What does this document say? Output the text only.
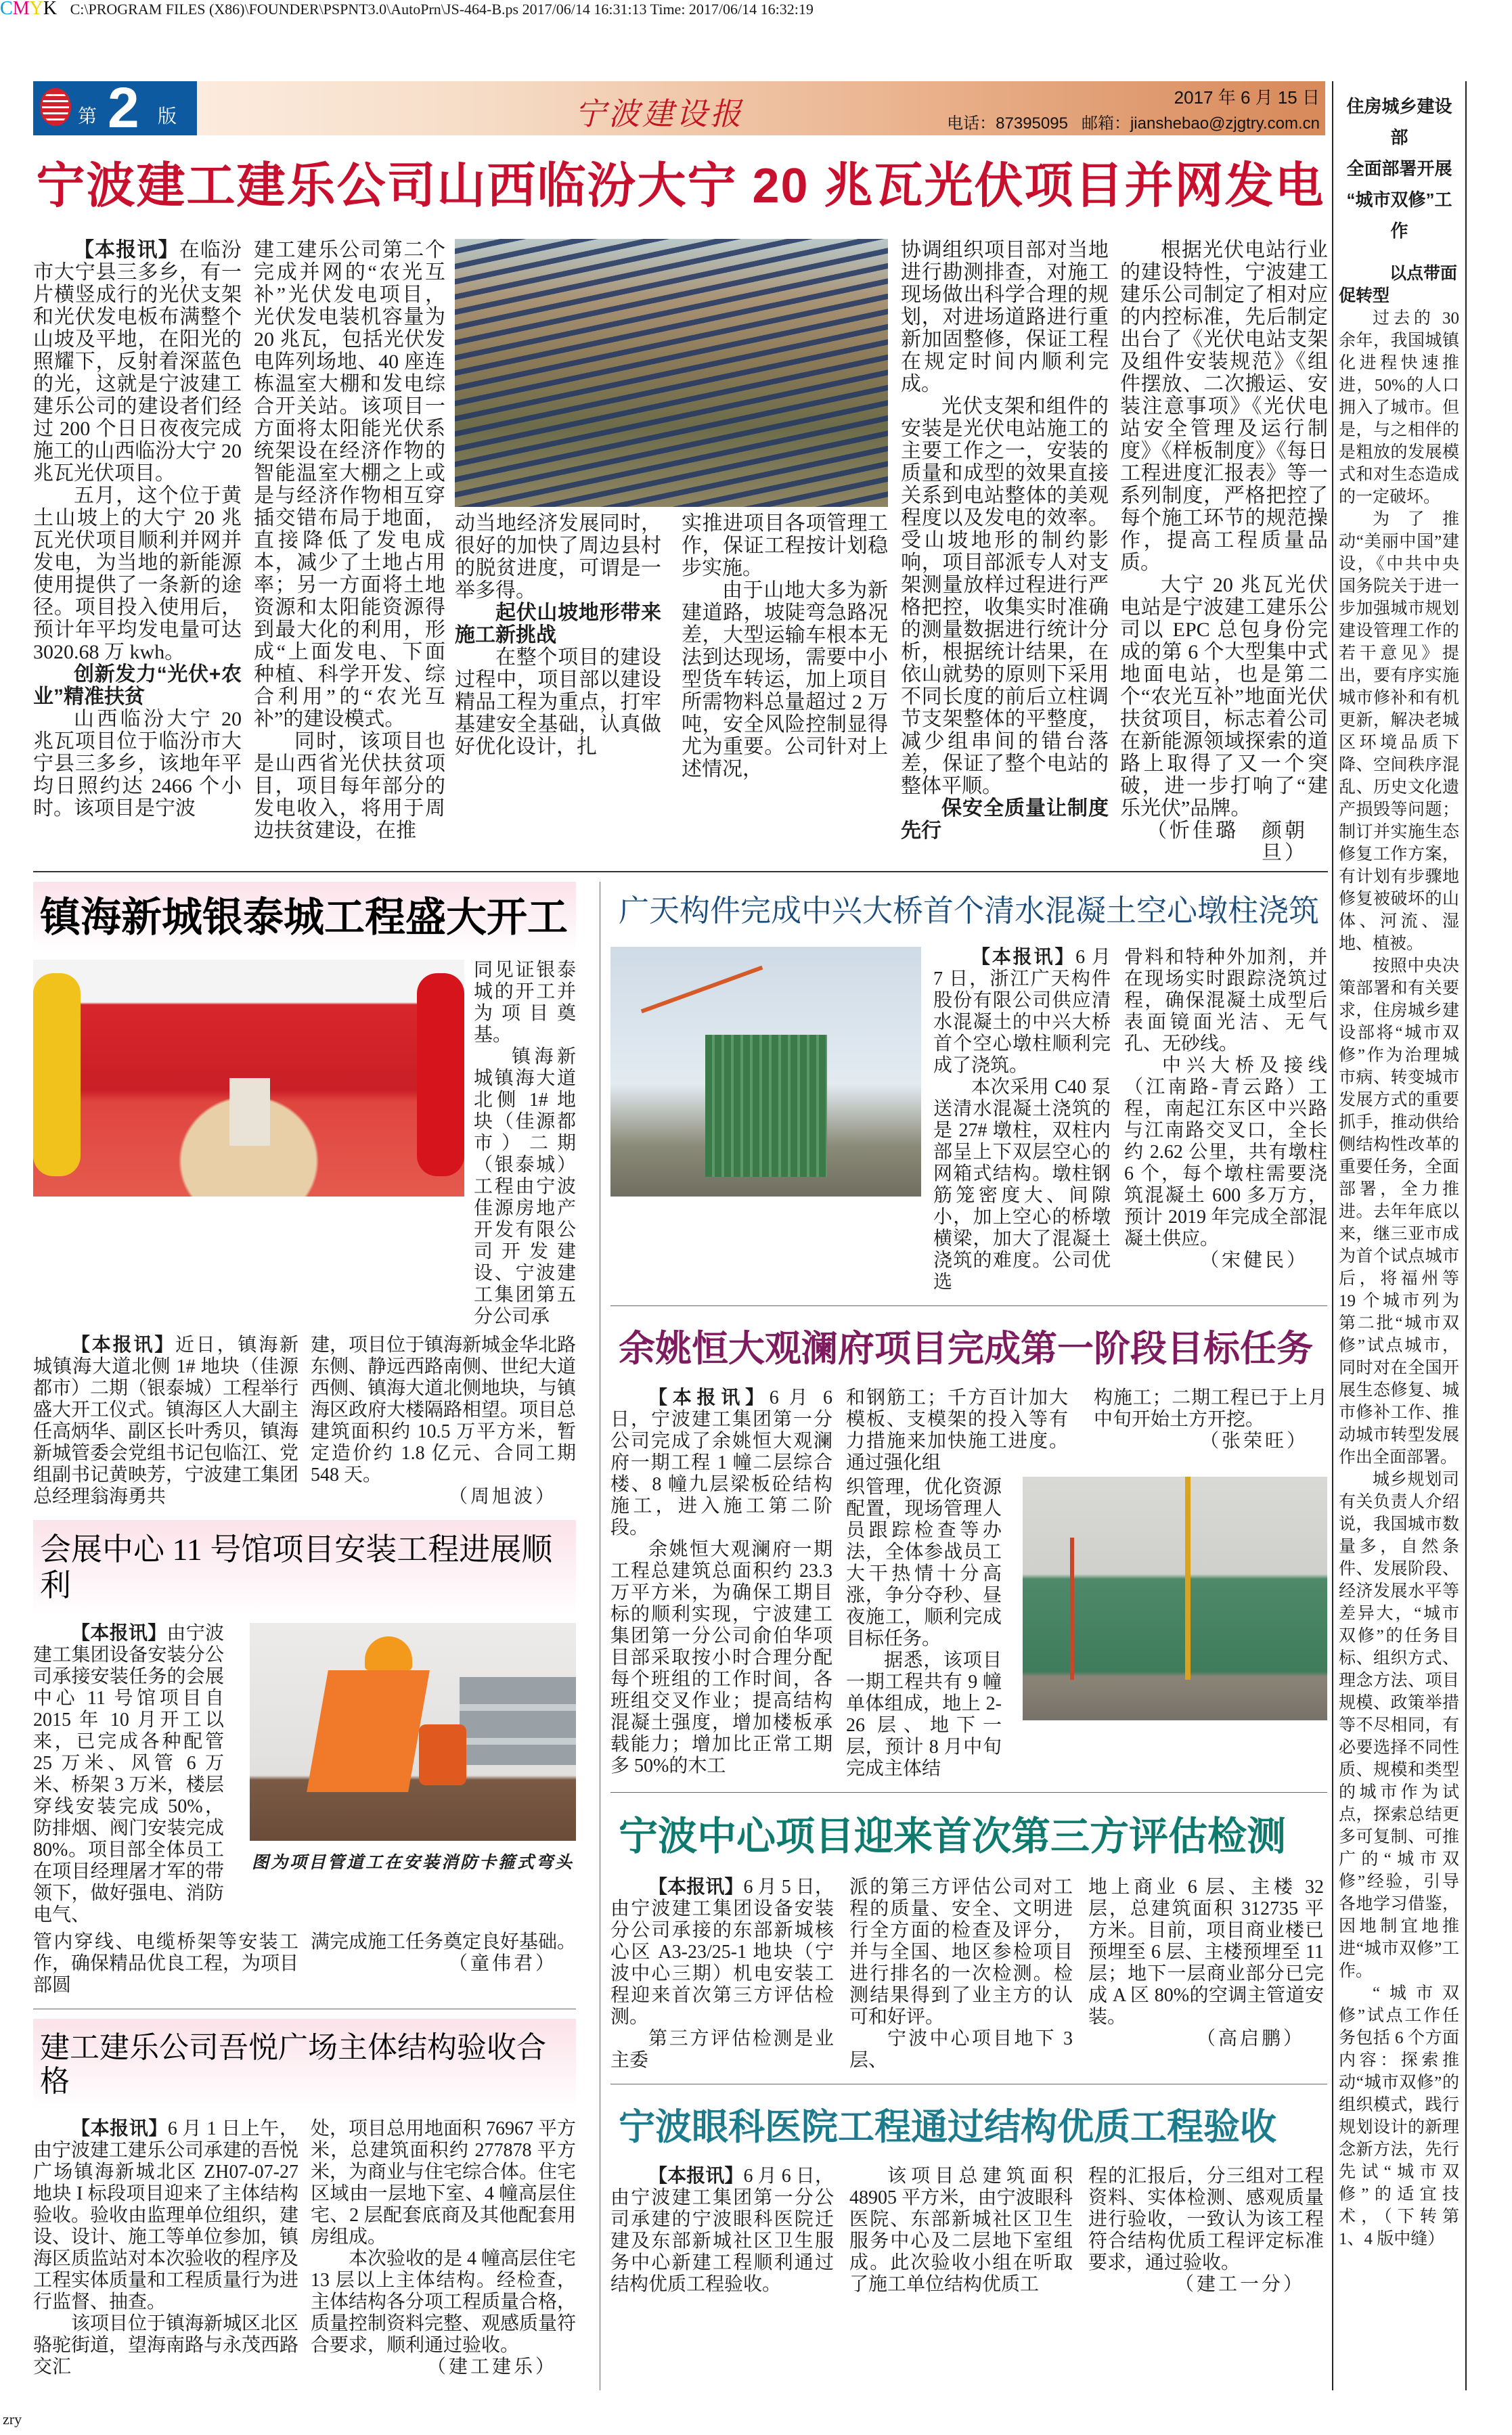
CMYK C:\PROGRAM FILES (X86)\FOUNDER\PSPNT3.0\AutoPrn\JS-464-B.ps 2017/06/14 16:31:13 Time: 2017/06/14 16:32:19
第 2 版	宁波建设报	2017 年 6 月 15 日
电话：87395095 邮箱：jianshebao@zjgtry.com.cn
宁波建工建乐公司山西临汾大宁 20 兆瓦光伏项目并网发电

【本报讯】在临汾市大宁县三多乡，有一片横竖成行的光伏支架和光伏发电板布满整个山坡及平地，在阳光的照耀下，反射着深蓝色的光，这就是宁波建工建乐公司的建设者们经过 200 个日日夜夜完成施工的山西临汾大宁 20 兆瓦光伏项目。

五月，这个位于黄土山坡上的大宁 20 兆瓦光伏项目顺利并网并发电，为当地的新能源使用提供了一条新的途径。项目投入使用后，预计年平均发电量可达 3020.68 万 kwh。

创新发力“光伏+农业”精准扶贫

山西临汾大宁 20 兆瓦项目位于临汾市大宁县三多乡，该地年平均日照约达 2466 个小时。该项目是宁波

建工建乐公司第二个完成并网的“农光互补”光伏发电项目，光伏发电装机容量为 20 兆瓦，包括光伏发电阵列场地、40 座连栋温室大棚和发电综合开关站。该项目一方面将太阳能光伏系统架设在经济作物的智能温室大棚之上或是与经济作物相互穿插交错布局于地面，直接降低了发电成本，减少了土地占用率；另一方面将土地资源和太阳能资源得到最大化的利用，形成“上面发电、下面种植、科学开发、综合利用”的“农光互补”的建设模式。

同时，该项目也是山西省光伏扶贫项目，项目每年部分的发电收入，将用于周边扶贫建设，在推

动当地经济发展同时，很好的加快了周边县村的脱贫进度，可谓是一举多得。

起伏山坡地形带来施工新挑战

在整个项目的建设过程中，项目部以建设精品工程为重点，打牢基建安全基础，认真做好优化设计，扎

实推进项目各项管理工作，保证工程按计划稳步实施。

由于山地大多为新建道路，坡陡弯急路况差，大型运输车根本无法到达现场，需要中小型货车转运，加上项目所需物料总量超过 2 万吨，安全风险控制显得尤为重要。公司针对上述情况，

协调组织项目部对当地进行勘测排查，对施工现场做出科学合理的规划，对进场道路进行重新加固整修，保证工程在规定时间内顺利完成。

光伏支架和组件的安装是光伏电站施工的主要工作之一，安装的质量和成型的效果直接关系到电站整体的美观程度以及发电的效率。受山坡地形的制约影响，项目部派专人对支架测量放样过程进行严格把控，收集实时准确的测量数据进行统计分析，根据统计结果，在依山就势的原则下采用不同长度的前后立柱调节支架整体的平整度，减少组串间的错台落差，保证了整个电站的整体平顺。

保安全质量让制度先行

根据光伏电站行业的建设特性，宁波建工建乐公司制定了相对应的内控标准，先后制定出台了《光伏电站支架及组件安装规范》《组件摆放、二次搬运、安装注意事项》《光伏电站安全管理及运行制度》《样板制度》《每日工程进度汇报表》等一系列制度，严格把控了每个施工环节的规范操作，提高工程质量品质。

大宁 20 兆瓦光伏电站是宁波建工建乐公司以 EPC 总包身份完成的第 6 个大型集中式地面电站，也是第二个“农光互补”地面光伏扶贫项目，标志着公司在新能源领域探索的道路上取得了又一个突破，进一步打响了“建乐光伏”品牌。

（忻佳璐　颜朝旦）

镇海新城银泰城工程盛大开工

同见证银泰城的开工并为项目奠基。

镇海新城镇海大道北侧 1# 地块（佳源都市）二期（银泰城）工程由宁波佳源房地产开发有限公司开发建设、宁波建工集团第五分公司承

【本报讯】近日，镇海新城镇海大道北侧 1# 地块（佳源都市）二期（银泰城）工程举行盛大开工仪式。镇海区人大副主任高炳华、副区长叶秀贝，镇海新城管委会党组书记包临江、党组副书记黄映芳，宁波建工集团总经理翁海勇共

建，项目位于镇海新城金华北路东侧、静远西路南侧、世纪大道西侧、镇海大道北侧地块，与镇海区政府大楼隔路相望。项目总建筑面积约 10.5 万平方米，暂定造价约 1.8 亿元、合同工期 548 天。

（周旭波）

会展中心 11 号馆项目安装工程进展顺利

【本报讯】由宁波建工集团设备安装分公司承接安装任务的会展中心 11 号馆项目自 2015 年 10 月开工以来，已完成各种配管 25 万米、风管 6 万米、桥架 3 万米，楼层穿线安装完成 50%，防排烟、阀门安装完成 80%。项目部全体员工在项目经理屠才军的带领下，做好强电、消防电气、

图为项目管道工在安装消防卡箍式弯头

管内穿线、电缆桥架等安装工作，确保精品优良工程，为项目部圆

满完成施工任务奠定良好基础。

（童伟君）

建工建乐公司吾悦广场主体结构验收合格

【本报讯】6 月 1 日上午，由宁波建工建乐公司承建的吾悦广场镇海新城北区 ZH07-07-27 地块 I 标段项目迎来了主体结构验收。验收由监理单位组织，建设、设计、施工等单位参加，镇海区质监站对本次验收的程序及工程实体质量和工程质量行为进行监督、抽查。

该项目位于镇海新城区北区骆驼街道，望海南路与永茂西路交汇

处，项目总用地面积 76967 平方米，总建筑面积约 277878 平方米，为商业与住宅综合体。住宅区域由一层地下室、4 幢高层住宅、2 层配套底商及其他配套用房组成。

本次验收的是 4 幢高层住宅 13 层以上主体结构。经检查，主体结构各分项工程质量合格，质量控制资料完整、观感质量符合要求，顺利通过验收。

（建工建乐）

广天构件完成中兴大桥首个清水混凝土空心墩柱浇筑

【本报讯】6 月 7 日，浙江广天构件股份有限公司供应清水混凝土的中兴大桥首个空心墩柱顺利完成了浇筑。

本次采用 C40 泵送清水混凝土浇筑的是 27# 墩柱，双柱内部呈上下双层空心的网箱式结构。墩柱钢筋笼密度大、间隙小，加上空心的桥墩横梁，加大了混凝土浇筑的难度。公司优选

骨料和特种外加剂，并在现场实时跟踪浇筑过程，确保混凝土成型后表面镜面光洁、无气孔、无砂线。

中兴大桥及接线（江南路-青云路）工程，南起江东区中兴路与江南路交叉口，全长约 2.62 公里，共有墩柱 6 个，每个墩柱需要浇筑混凝土 600 多万方，预计 2019 年完成全部混凝土供应。

（宋健民）

余姚恒大观澜府项目完成第一阶段目标任务

【本报讯】6 月 6 日，宁波建工集团第一分公司完成了余姚恒大观澜府一期工程 1 幢二层综合楼、8 幢九层梁板砼结构施工，进入施工第二阶段。

余姚恒大观澜府一期工程总建筑总面积约 23.3 万平方米，为确保工期目标的顺利实现，宁波建工集团第一分公司俞伯华项目部采取按小时合理分配每个班组的工作时间，各班组交叉作业；提高结构混凝土强度，增加楼板承载能力；增加比正常工期多 50%的木工

和钢筋工；千方百计加大模板、支模架的投入等有力措施来加快施工进度。通过强化组

构施工；二期工程已于上月中旬开始土方开挖。

（张荣旺）

织管理，优化资源配置，现场管理人员跟踪检查等办法，全体参战员工大干热情十分高涨，争分夺秒、昼夜施工，顺利完成目标任务。

据悉，该项目一期工程共有 9 幢单体组成，地上 2-26 层、地下一层，预计 8 月中旬完成主体结

宁波中心项目迎来首次第三方评估检测

【本报讯】6 月 5 日，由宁波建工集团设备安装分公司承接的东部新城核心区 A3-23/25-1 地块（宁波中心三期）机电安装工程迎来首次第三方评估检测。

第三方评估检测是业主委

派的第三方评估公司对工程的质量、安全、文明进行全方面的检查及评分，并与全国、地区参检项目进行排名的一次检测。检测结果得到了业主方的认可和好评。

宁波中心项目地下 3 层、

地上商业 6 层、主楼 32 层，总建筑面积 312735 平方米。目前，项目商业楼已预埋至 6 层、主楼预埋至 11 层；地下一层商业部分已完成 A 区 80%的空调主管道安装。

（高启鹏）

宁波眼科医院工程通过结构优质工程验收

【本报讯】6 月 6 日，由宁波建工集团第一分公司承建的宁波眼科医院迁建及东部新城社区卫生服务中心新建工程顺利通过结构优质工程验收。

该项目总建筑面积 48905 平方米，由宁波眼科医院、东部新城社区卫生服务中心及二层地下室组成。此次验收小组在听取了施工单位结构优质工

程的汇报后，分三组对工程资料、实体检测、感观质量进行验收，一致认为该工程符合结构优质工程评定标准要求，通过验收。

（建工一分）

住房城乡建设部
全面部署开展
“城市双修”工作
以点带面促转型

过去的 30 余年，我国城镇化进程快速推进，50%的人口拥入了城市。但是，与之相伴的是粗放的发展模式和对生态造成的一定破坏。

为了推动“美丽中国”建设，《中共中央国务院关于进一步加强城市规划建设管理工作的若干意见》提出，要有序实施城市修补和有机更新，解决老城区环境品质下降、空间秩序混乱、历史文化遗产损毁等问题；制订并实施生态修复工作方案，有计划有步骤地修复被破坏的山体、河流、湿地、植被。

按照中央决策部署和有关要求，住房城乡建设部将“城市双修”作为治理城市病、转变城市发展方式的重要抓手，推动供给侧结构性改革的重要任务，全面部署，全力推进。去年年底以来，继三亚市成为首个试点城市后，将福州等 19 个城市列为第二批“城市双修”试点城市，同时对在全国开展生态修复、城市修补工作、推动城市转型发展作出全面部署。

城乡规划司有关负责人介绍说，我国城市数量多，自然条件、发展阶段、经济发展水平等差异大，“城市双修”的任务目标、组织方式、理念方法、项目规模、政策举措等不尽相同，有必要选择不同性质、规模和类型的城市作为试点，探索总结更多可复制、可推广的“城市双修”经验，引导各地学习借鉴，因地制宜地推进“城市双修”工作。

“城市双修”试点工作任务包括 6 个方面内容：探索推动“城市双修”的组织模式，践行规划设计的新理念新方法，先行先试“城市双修”的适宜技术，（下转第 1、4 版中缝）

zry
